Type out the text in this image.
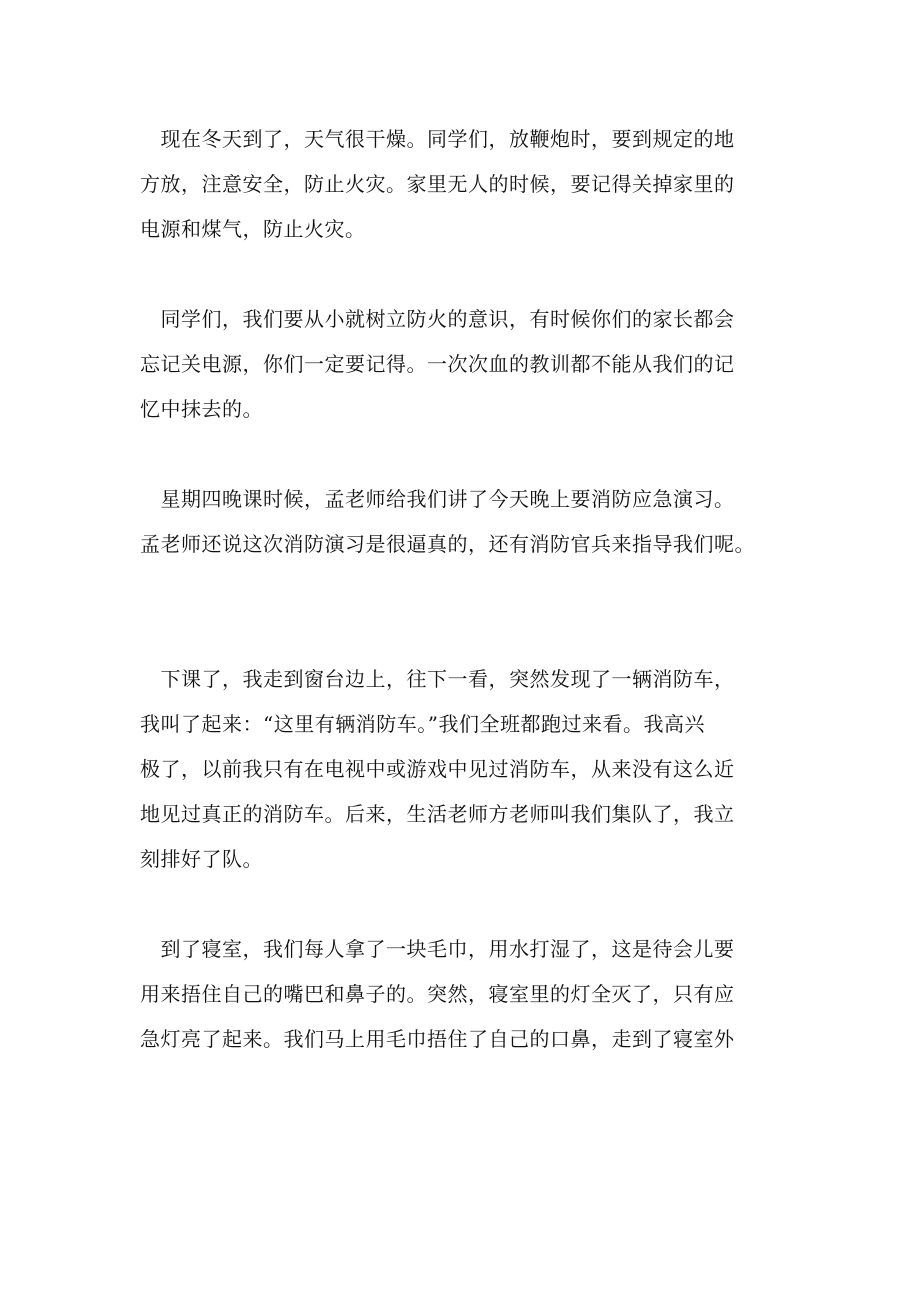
　现在冬天到了，天气很干燥。同学们，放鞭炮时，要到规定的地
方放，注意安全，防止火灾。家里无人的时候，要记得关掉家里的
电源和煤气，防止火灾。
　同学们，我们要从小就树立防火的意识，有时候你们的家长都会
忘记关电源，你们一定要记得。一次次血的教训都不能从我们的记
忆中抹去的。
　星期四晚课时候，孟老师给我们讲了今天晚上要消防应急演习。
孟老师还说这次消防演习是很逼真的，还有消防官兵来指导我们呢。
　下课了，我走到窗台边上，往下一看，突然发现了一辆消防车，
我叫了起来：“这里有辆消防车。”我们全班都跑过来看。我高兴
极了，以前我只有在电视中或游戏中见过消防车，从来没有这么近
地见过真正的消防车。后来，生活老师方老师叫我们集队了，我立
刻排好了队。
　到了寝室，我们每人拿了一块毛巾，用水打湿了，这是待会儿要
用来捂住自己的嘴巴和鼻子的。突然，寝室里的灯全灭了，只有应
急灯亮了起来。我们马上用毛巾捂住了自己的口鼻，走到了寝室外
